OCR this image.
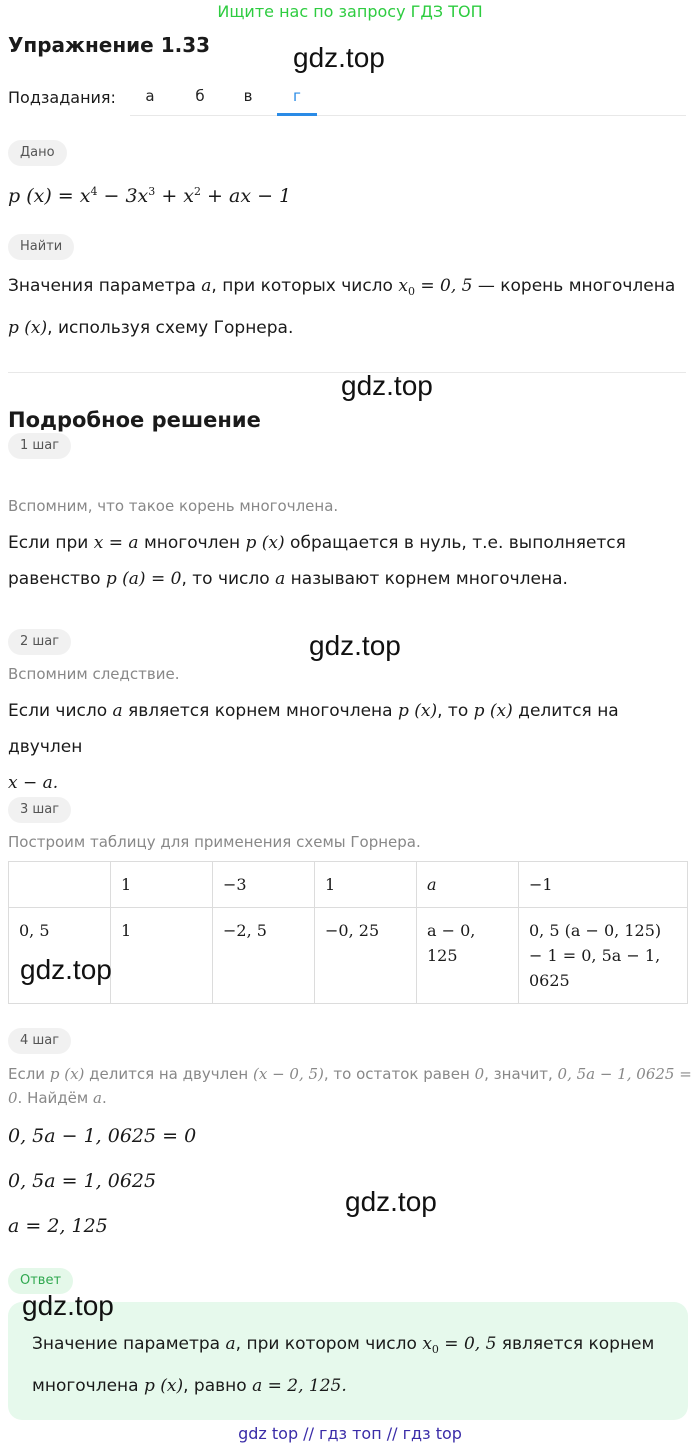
Ищите нас по запросу ГДЗ ТОП
Упражнение 1.33	gdz.top
Подзадания:	а	б	в	г
Дано
p $(x) = x^4 - 3x^3 + x^2$ + ax − 1
Найти
Значения параметра a, при которых число $x_0 = 0$, 5 — корень многочлена
p (x), используя схему Горнера.
gdz.top
Подробное решение
1 шаг
Вспомним, что такое корень многочлена.
Если при x = a многочлен p (x) обращается в нуль, т.е. выполняется
равенство p (a) = 0, то число a называют корнем многочлена.
gdz.top
2 шаг
Вспомним следствие.
Если число a является корнем многочлена p (x), то p (x) делится на двучлен
x − a.
3 шаг
Построим таблицу для применения схемы Горнера.
	1	−3	1	a	−1
0, 5	1	−2, 5	−0, 25	a − 0, 125	0, 5 (a − 0, 125) − 1 = 0, 5a − 1, 0625
gdz.top
4 шаг
Если p (x) делится на двучлен (x − 0, 5), то остаток равен 0, значит, 0, 5a − 1, 0625 =
0. Найдём a.
0, 5a − 1, 0625 = 0
0, 5a = 1, 0625
a = 2, 125
gdz.top
Ответ
gdz.top
Значение параметра a, при котором число $x_0 = 0$, 5 является корнем
многочлена p (x), равно a = 2, 125.
gdz top // гдз топ // гдз top
